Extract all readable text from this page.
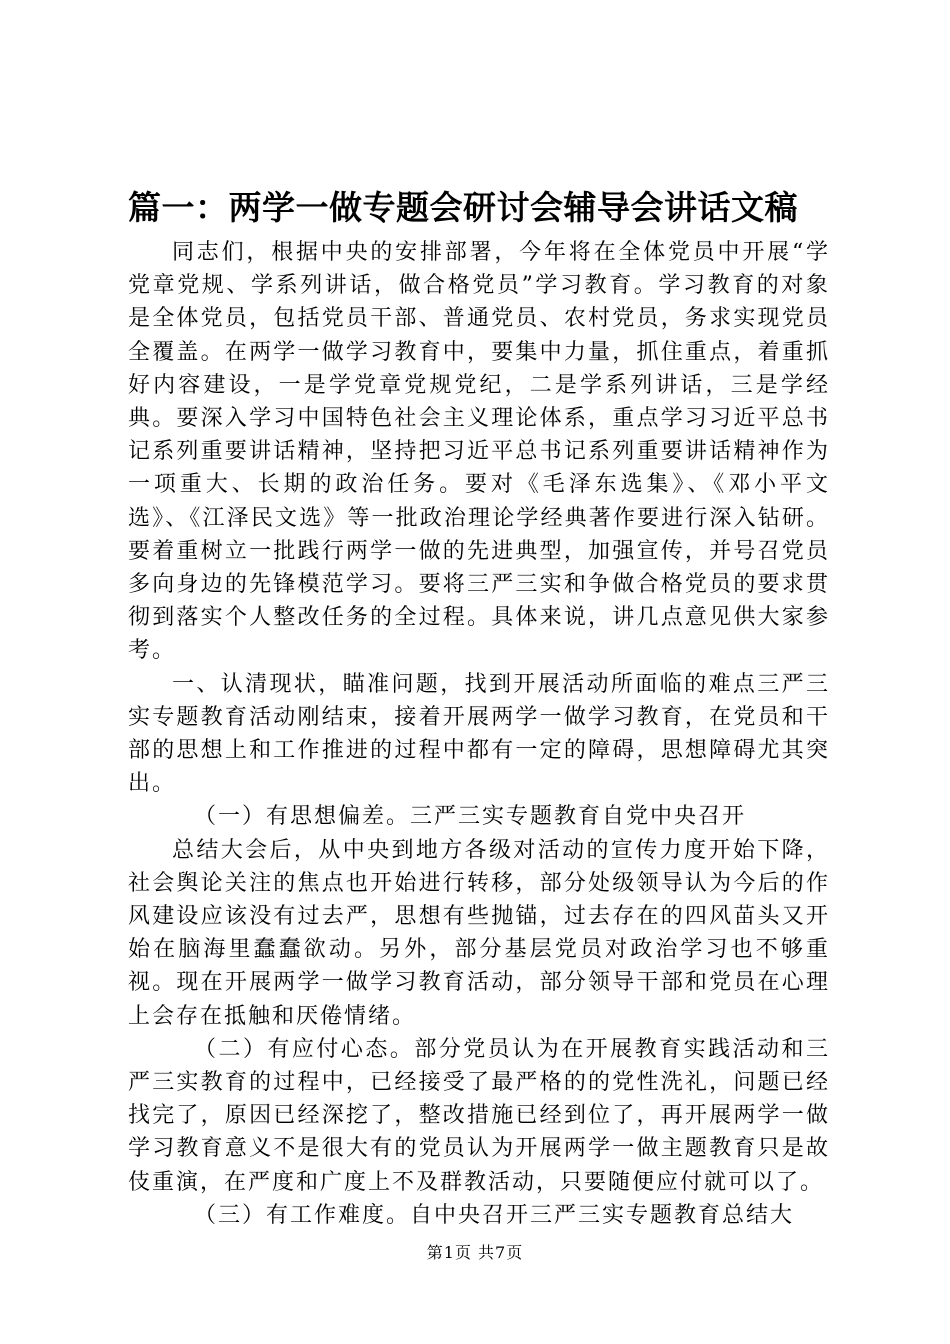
篇一：两学一做专题会研讨会辅导会讲话文稿

同志们，根据中央的安排部署，今年将在全体党员中开展“学党章党规、学系列讲话，做合格党员”学习教育。学习教育的对象是全体党员，包括党员干部、普通党员、农村党员，务求实现党员全覆盖。在两学一做学习教育中，要集中力量，抓住重点，着重抓好内容建设，一是学党章党规党纪，二是学系列讲话，三是学经典。要深入学习中国特色社会主义理论体系，重点学习习近平总书记系列重要讲话精神，坚持把习近平总书记系列重要讲话精神作为一项重大、长期的政治任务。要对《毛泽东选集》、《邓小平文选》、《江泽民文选》等一批政治理论学经典著作要进行深入钻研。要着重树立一批践行两学一做的先进典型，加强宣传，并号召党员多向身边的先锋模范学习。要将三严三实和争做合格党员的要求贯彻到落实个人整改任务的全过程。具体来说，讲几点意见供大家参考。

一、认清现状，瞄准问题，找到开展活动所面临的难点三严三实专题教育活动刚结束，接着开展两学一做学习教育，在党员和干部的思想上和工作推进的过程中都有一定的障碍，思想障碍尤其突出。

（一）有思想偏差。三严三实专题教育自党中央召开

总结大会后，从中央到地方各级对活动的宣传力度开始下降，社会舆论关注的焦点也开始进行转移，部分处级领导认为今后的作风建设应该没有过去严，思想有些抛锚，过去存在的四风苗头又开始在脑海里蠢蠢欲动。另外，部分基层党员对政治学习也不够重视。现在开展两学一做学习教育活动，部分领导干部和党员在心理上会存在抵触和厌倦情绪。

（二）有应付心态。部分党员认为在开展教育实践活动和三严三实教育的过程中，已经接受了最严格的的党性洗礼，问题已经找完了，原因已经深挖了，整改措施已经到位了，再开展两学一做学习教育意义不是很大有的党员认为开展两学一做主题教育只是故伎重演，在严度和广度上不及群教活动，只要随便应付就可以了。

（三）有工作难度。自中央召开三严三实专题教育总结大

第1页 共7页
